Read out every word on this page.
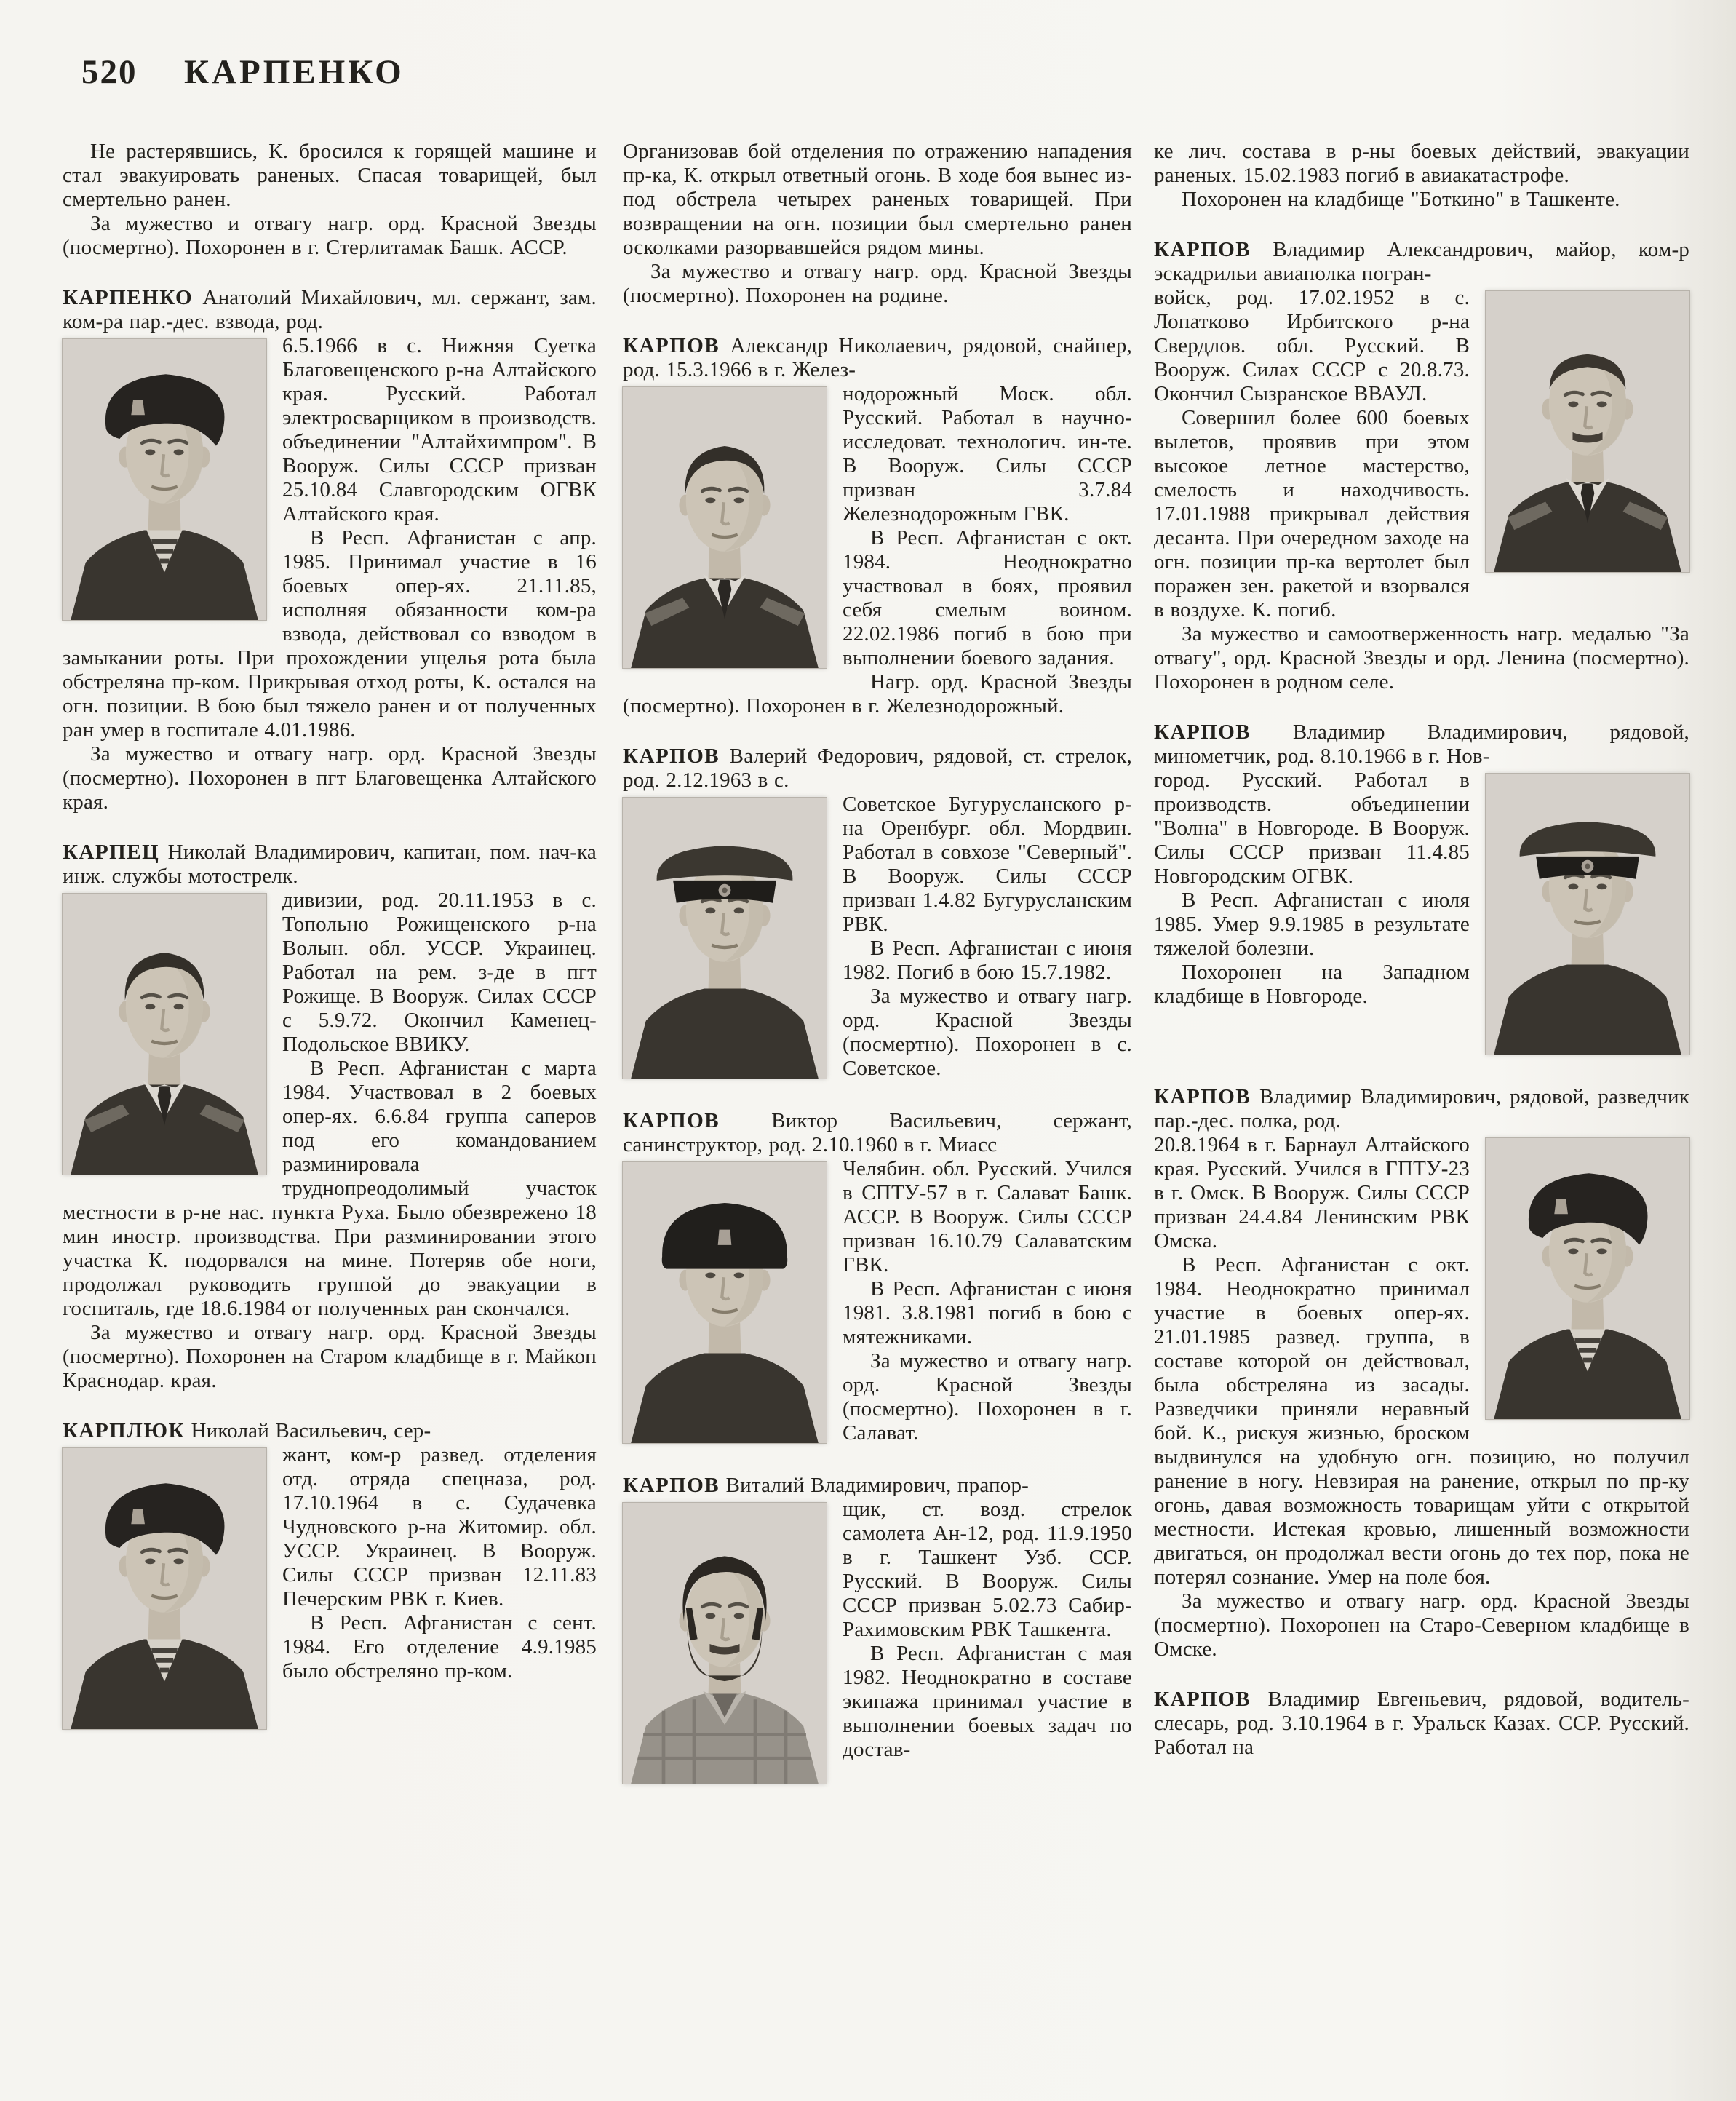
520 КАРПЕНКО

Не растерявшись, К. бросился к горящей машине и стал эвакуировать раненых. Спасая товарищей, был смертельно ранен.

За мужество и отвагу нагр. орд. Красной Звезды (посмертно). Похоронен в г. Стерлитамак Башк. АССР.

КАРПЕНКО Анатолий Михайлович, мл. сержант, зам. ком-ра пар.-дес. взвода, род.

6.5.1966 в с. Нижняя Суетка Благовещенского р-на Алтайского края. Русский. Работал электросварщиком в производств. объединении "Алтайхимпром". В Вооруж. Силы СССР призван 25.10.84 Славгородским ОГВК Алтайского края.

В Респ. Афганистан с апр. 1985. Принимал участие в 16 боевых опер-ях. 21.11.85, исполняя обязанности ком-ра взвода, действовал со взводом в замыкании роты. При прохождении ущелья рота была обстреляна пр-ком. Прикрывая отход роты, К. остался на огн. позиции. В бою был тяжело ранен и от полученных ран умер в госпитале 4.01.1986.

За мужество и отвагу нагр. орд. Красной Звезды (посмертно). Похоронен в пгт Благовещенка Алтайского края.

КАРПЕЦ Николай Владимирович, капитан, пом. нач-ка инж. службы мотострелк.

дивизии, род. 20.11.1953 в с. Топольно Рожищенского р-на Волын. обл. УССР. Украинец. Работал на рем. з-де в пгт Рожище. В Вооруж. Силах СССР с 5.9.72. Окончил Каменец-Подольское ВВИКУ.

В Респ. Афганистан с марта 1984. Участвовал в 2 боевых опер-ях. 6.6.84 группа саперов под его командованием разминировала труднопреодолимый участок местности в р-не нас. пункта Руха. Было обезврежено 18 мин иностр. производства. При разминировании этого участка К. подорвался на мине. Потеряв обе ноги, продолжал руководить группой до эвакуации в госпиталь, где 18.6.1984 от полученных ран скончался.

За мужество и отвагу нагр. орд. Красной Звезды (посмертно). Похоронен на Старом кладбище в г. Майкоп Краснодар. края.

КАРПЛЮК Николай Васильевич, сер-

жант, ком-р развед. отделения отд. отряда спецназа, род. 17.10.1964 в с. Судачевка Чудновского р-на Житомир. обл. УССР. Украинец. В Вооруж. Силы СССР призван 12.11.83 Печерским РВК г. Киев.

В Респ. Афганистан с сент. 1984. Его отделение 4.9.1985 было обстреляно пр-ком.

Организовав бой отделения по отражению нападения пр-ка, К. открыл ответный огонь. В ходе боя вынес из-под обстрела четырех раненых товарищей. При возвращении на огн. позиции был смертельно ранен осколками разорвавшейся рядом мины.

За мужество и отвагу нагр. орд. Красной Звезды (посмертно). Похоронен на родине.

КАРПОВ Александр Николаевич, рядовой, снайпер, род. 15.3.1966 в г. Желез-

нодорожный Моск. обл. Русский. Работал в научно-исследоват. технологич. ин-те. В Вооруж. Силы СССР призван 3.7.84 Железнодорожным ГВК.

В Респ. Афганистан с окт. 1984. Неоднократно участвовал в боях, проявил себя смелым воином. 22.02.1986 погиб в бою при выполнении боевого задания.

Нагр. орд. Красной Звезды (посмертно). Похоронен в г. Железнодорожный.

КАРПОВ Валерий Федорович, рядовой, ст. стрелок, род. 2.12.1963 в с.

Советское Бугурусланского р-на Оренбург. обл. Мордвин. Работал в совхозе "Северный". В Вооруж. Силы СССР призван 1.4.82 Бугурусланским РВК.

В Респ. Афганистан с июня 1982. Погиб в бою 15.7.1982.

За мужество и отвагу нагр. орд. Красной Звезды (посмертно). Похоронен в с. Советское.

КАРПОВ Виктор Васильевич, сержант, санинструктор, род. 2.10.1960 в г. Миасс

Челябин. обл. Русский. Учился в СПТУ-57 в г. Салават Башк. АССР. В Вооруж. Силы СССР призван 16.10.79 Салаватским ГВК.

В Респ. Афганистан с июня 1981. 3.8.1981 погиб в бою с мятежниками.

За мужество и отвагу нагр. орд. Красной Звезды (посмертно). Похоронен в г. Салават.

КАРПОВ Виталий Владимирович, прапор-

щик, ст. возд. стрелок самолета Ан-12, род. 11.9.1950 в г. Ташкент Узб. ССР. Русский. В Вооруж. Силы СССР призван 5.02.73 Сабир-Рахимовским РВК Ташкента.

В Респ. Афганистан с мая 1982. Неоднократно в составе экипажа принимал участие в выполнении боевых задач по достав-

ке лич. состава в р-ны боевых действий, эвакуации раненых. 15.02.1983 погиб в авиакатастрофе.

Похоронен на кладбище "Боткино" в Ташкенте.

КАРПОВ Владимир Александрович, майор, ком-р эскадрильи авиаполка погран-

войск, род. 17.02.1952 в с. Лопатково Ирбитского р-на Свердлов. обл. Русский. В Вооруж. Силах СССР с 20.8.73. Окончил Сызранское ВВАУЛ.

Совершил более 600 боевых вылетов, проявив при этом высокое летное мастерство, смелость и находчивость. 17.01.1988 прикрывал действия десанта. При очередном заходе на огн. позиции пр-ка вертолет был поражен зен. ракетой и взорвался в воздухе. К. погиб.

За мужество и самоотверженность нагр. медалью "За отвагу", орд. Красной Звезды и орд. Ленина (посмертно). Похоронен в родном селе.

КАРПОВ Владимир Владимирович, рядовой, минометчик, род. 8.10.1966 в г. Нов-

город. Русский. Работал в производств. объединении "Волна" в Новгороде. В Вооруж. Силы СССР призван 11.4.85 Новгородским ОГВК.

В Респ. Афганистан с июля 1985. Умер 9.9.1985 в результате тяжелой болезни.

Похоронен на Западном кладбище в Новгороде.

КАРПОВ Владимир Владимирович, рядовой, разведчик пар.-дес. полка, род.

20.8.1964 в г. Барнаул Алтайского края. Русский. Учился в ГПТУ-23 в г. Омск. В Вооруж. Силы СССР призван 24.4.84 Ленинским РВК Омска.

В Респ. Афганистан с окт. 1984. Неоднократно принимал участие в боевых опер-ях. 21.01.1985 развед. группа, в составе которой он действовал, была обстреляна из засады. Разведчики приняли неравный бой. К., рискуя жизнью, броском выдвинулся на удобную огн. позицию, но получил ранение в ногу. Невзирая на ранение, открыл по пр-ку огонь, давая возможность товарищам уйти с открытой местности. Истекая кровью, лишенный возможности двигаться, он продолжал вести огонь до тех пор, пока не потерял сознание. Умер на поле боя.

За мужество и отвагу нагр. орд. Красной Звезды (посмертно). Похоронен на Старо-Северном кладбище в Омске.

КАРПОВ Владимир Евгеньевич, рядовой, водитель-слесарь, род. 3.10.1964 в г. Уральск Казах. ССР. Русский. Работал на
